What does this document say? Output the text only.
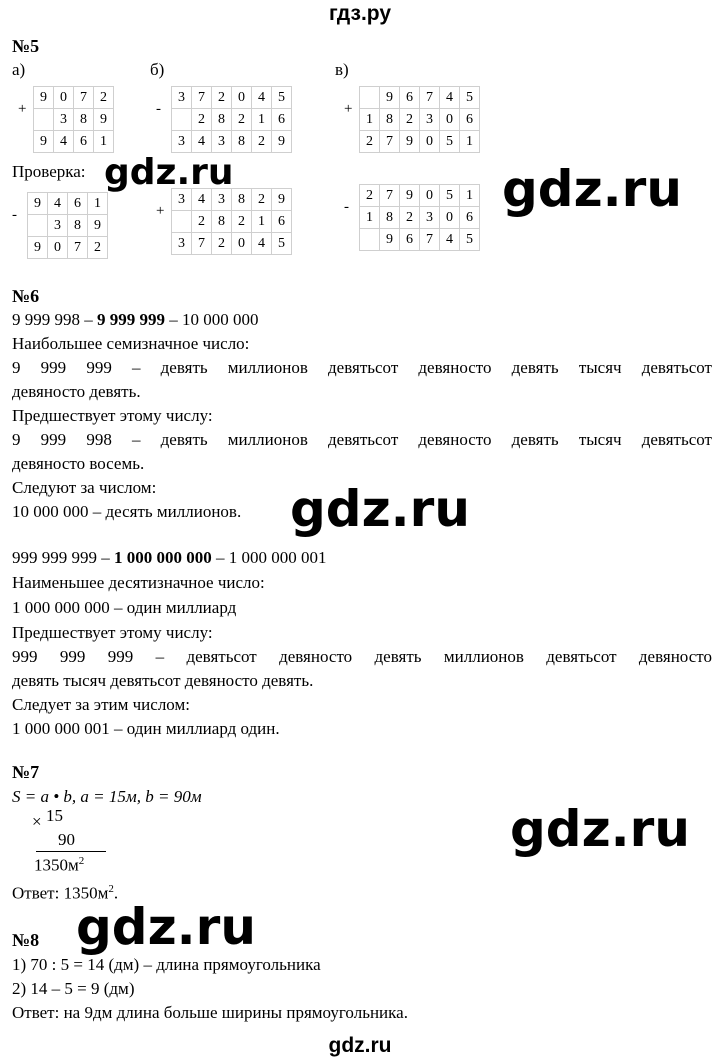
гдз.ру
gdz.ru
№5
а)	б)	в)
+	9	0	7	2
		3	8	9
	9	4	6	1
-	3	7	2	0	4	5
		2	8	2	1	6
	3	4	3	8	2	9
+		9	6	7	4	5
	1	8	2	3	0	6
	2	7	9	0	5	1
Проверка:
-	9	4	6	1
		3	8	9
	9	0	7	2
+	3	4	3	8	2	9
		2	8	2	1	6
	3	7	2	0	4	5
-	2	7	9	0	5	1
	1	8	2	3	0	6
		9	6	7	4	5
gdz.ru	gdz.ru
gdz.ru
gdz.ru
gdz.ru
№6
9 999 998 – 9 999 999 – 10 000 000
Наибольшее семизначное число:
9 999 999 – девять миллионов девятьсот девяносто девять тысяч девятьсот
девяносто девять.
Предшествует этому числу:
9 999 998 – девять миллионов девятьсот девяносто девять тысяч девятьсот
девяносто восемь.
Следуют за числом:
10 000 000 – десять миллионов.
999 999 999 – 1 000 000 000 – 1 000 000 001
Наименьшее десятизначное число:
1 000 000 000 – один миллиард
Предшествует этому числу:
999 999 999 – девятьсот девяносто девять миллионов девятьсот девяносто
девять тысяч девятьсот девяносто девять.
Следует за этим числом:
1 000 000 001 – один миллиард один.
№7
S = a • b, a = 15м, b = 90м
× 15
90
$1350м^2$
Ответ: $1350м^2$.
№8
1) 70 : 5 = 14 (дм) – длина прямоугольника
2) 14 – 5 = 9 (дм)
Ответ: на 9дм длина больше ширины прямоугольника.
